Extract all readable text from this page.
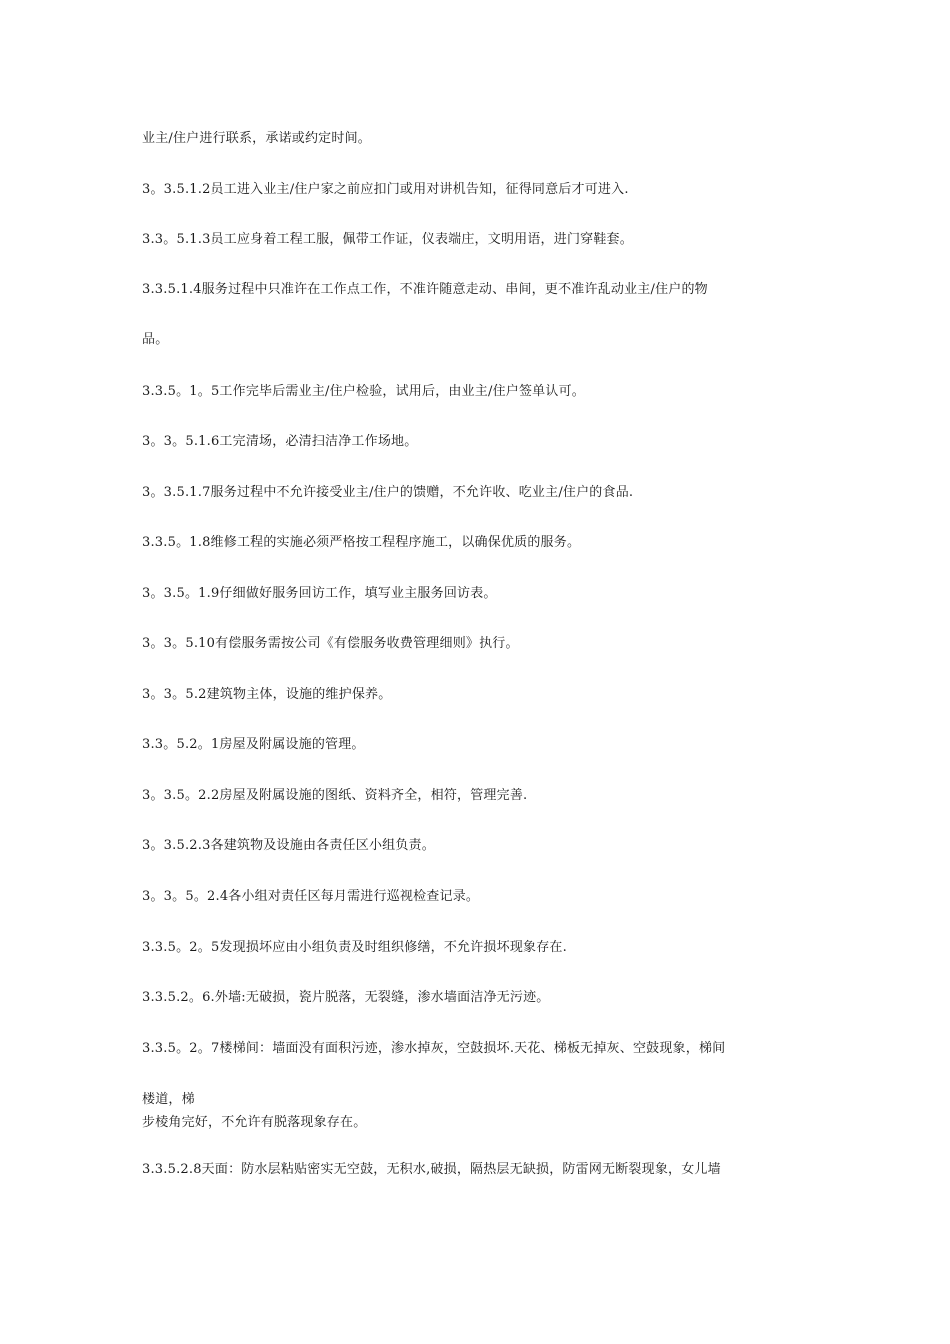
业主/住户进行联系，承诺或约定时间。
3。3.5.1.2员工进入业主/住户家之前应扣门或用对讲机告知，征得同意后才可进入.
3.3。5.1.3员工应身着工程工服，佩带工作证，仪表端庄，文明用语，进门穿鞋套。
3.3.5.1.4服务过程中只准许在工作点工作，不准许随意走动、串间，更不准许乱动业主/住户的物
品。
3.3.5。1。5工作完毕后需业主/住户检验，试用后，由业主/住户签单认可。
3。3。5.1.6工完清场，必清扫洁净工作场地。
3。3.5.1.7服务过程中不允许接受业主/住户的馈赠，不允许收、吃业主/住户的食品.
3.3.5。1.8维修工程的实施必须严格按工程程序施工，以确保优质的服务。
3。3.5。1.9仔细做好服务回访工作，填写业主服务回访表。
3。3。5.10有偿服务需按公司《有偿服务收费管理细则》执行。
3。3。5.2建筑物主体，设施的维护保养。
3.3。5.2。1房屋及附属设施的管理。
3。3.5。2.2房屋及附属设施的图纸、资料齐全，相符，管理完善.
3。3.5.2.3各建筑物及设施由各责任区小组负责。
3。3。5。2.4各小组对责任区每月需进行巡视检查记录。
3.3.5。2。5发现损坏应由小组负责及时组织修缮，不允许损坏现象存在.
3.3.5.2。6.外墙:无破损，瓷片脱落，无裂缝，渗水墙面洁净无污迹。
3.3.5。2。7楼梯间：墙面没有面积污迹，渗水掉灰，空鼓损坏.天花、梯板无掉灰、空鼓现象，梯间
楼道，梯
步棱角完好，不允许有脱落现象存在。
3.3.5.2.8天面：防水层粘贴密实无空鼓，无积水,破损，隔热层无缺损，防雷网无断裂现象，女儿墙
